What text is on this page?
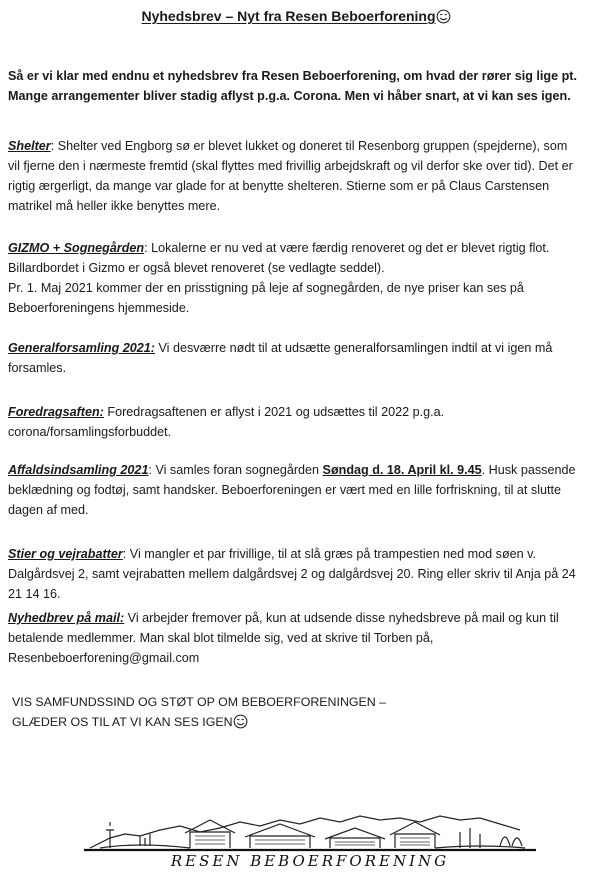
Nyhedsbrev – Nyt fra Resen Beboerforening
Så er vi klar med endnu et nyhedsbrev fra Resen Beboerforening, om hvad der rører sig lige pt. Mange arrangementer bliver stadig aflyst p.g.a. Corona. Men vi håber snart, at vi kan ses igen.
Shelter: Shelter ved Engborg sø er blevet lukket og doneret til Resenborg gruppen (spejderne), som vil fjerne den i nærmeste fremtid (skal flyttes med frivillig arbejdskraft og vil derfor ske over tid). Det er rigtig ærgerligt, da mange var glade for at benytte shelteren. Stierne som er på Claus Carstensen matrikel må heller ikke benyttes mere.
GIZMO + Sognegården: Lokalerne er nu ved at være færdig renoveret og det er blevet rigtig flot. Billardbordet i Gizmo er også blevet renoveret (se vedlagte seddel).
Pr. 1. Maj 2021 kommer der en prisstigning på leje af sognegården, de nye priser kan ses på Beboerforeningens hjemmeside.
Generalforsamling 2021: Vi desværre nødt til at udsætte generalforsamlingen indtil at vi igen må forsamles.
Foredragsaften: Foredragsaftenen er aflyst i 2021 og udsættes til 2022 p.g.a. corona/forsamlingsforbuddet.
Affaldsindsamling 2021: Vi samles foran sognegården Søndag d. 18. April kl. 9.45. Husk passende beklædning og fodtøj, samt handsker. Beboerforeningen er vært med en lille forfriskning, til at slutte dagen af med.
Stier og vejrabatter: Vi mangler et par frivillige, til at slå græs på trampestien ned mod søen v. Dalgårdsvej 2, samt vejrabatten mellem dalgårdsvej 2 og dalgårdsvej 20. Ring eller skriv til Anja på 24 21 14 16.
Nyhedbrev på mail: Vi arbejder fremover på, kun at udsende disse nyhedsbreve på mail og kun til betalende medlemmer. Man skal blot tilmelde sig, ved at skrive til Torben på,
Resenbeboerforening@gmail.com
VIS SAMFUNDSSIND OG STØT OP OM BEBOERFORENINGEN –
GLÆDER OS TIL AT VI KAN SES IGEN
RESEN BEBOERFORENING
